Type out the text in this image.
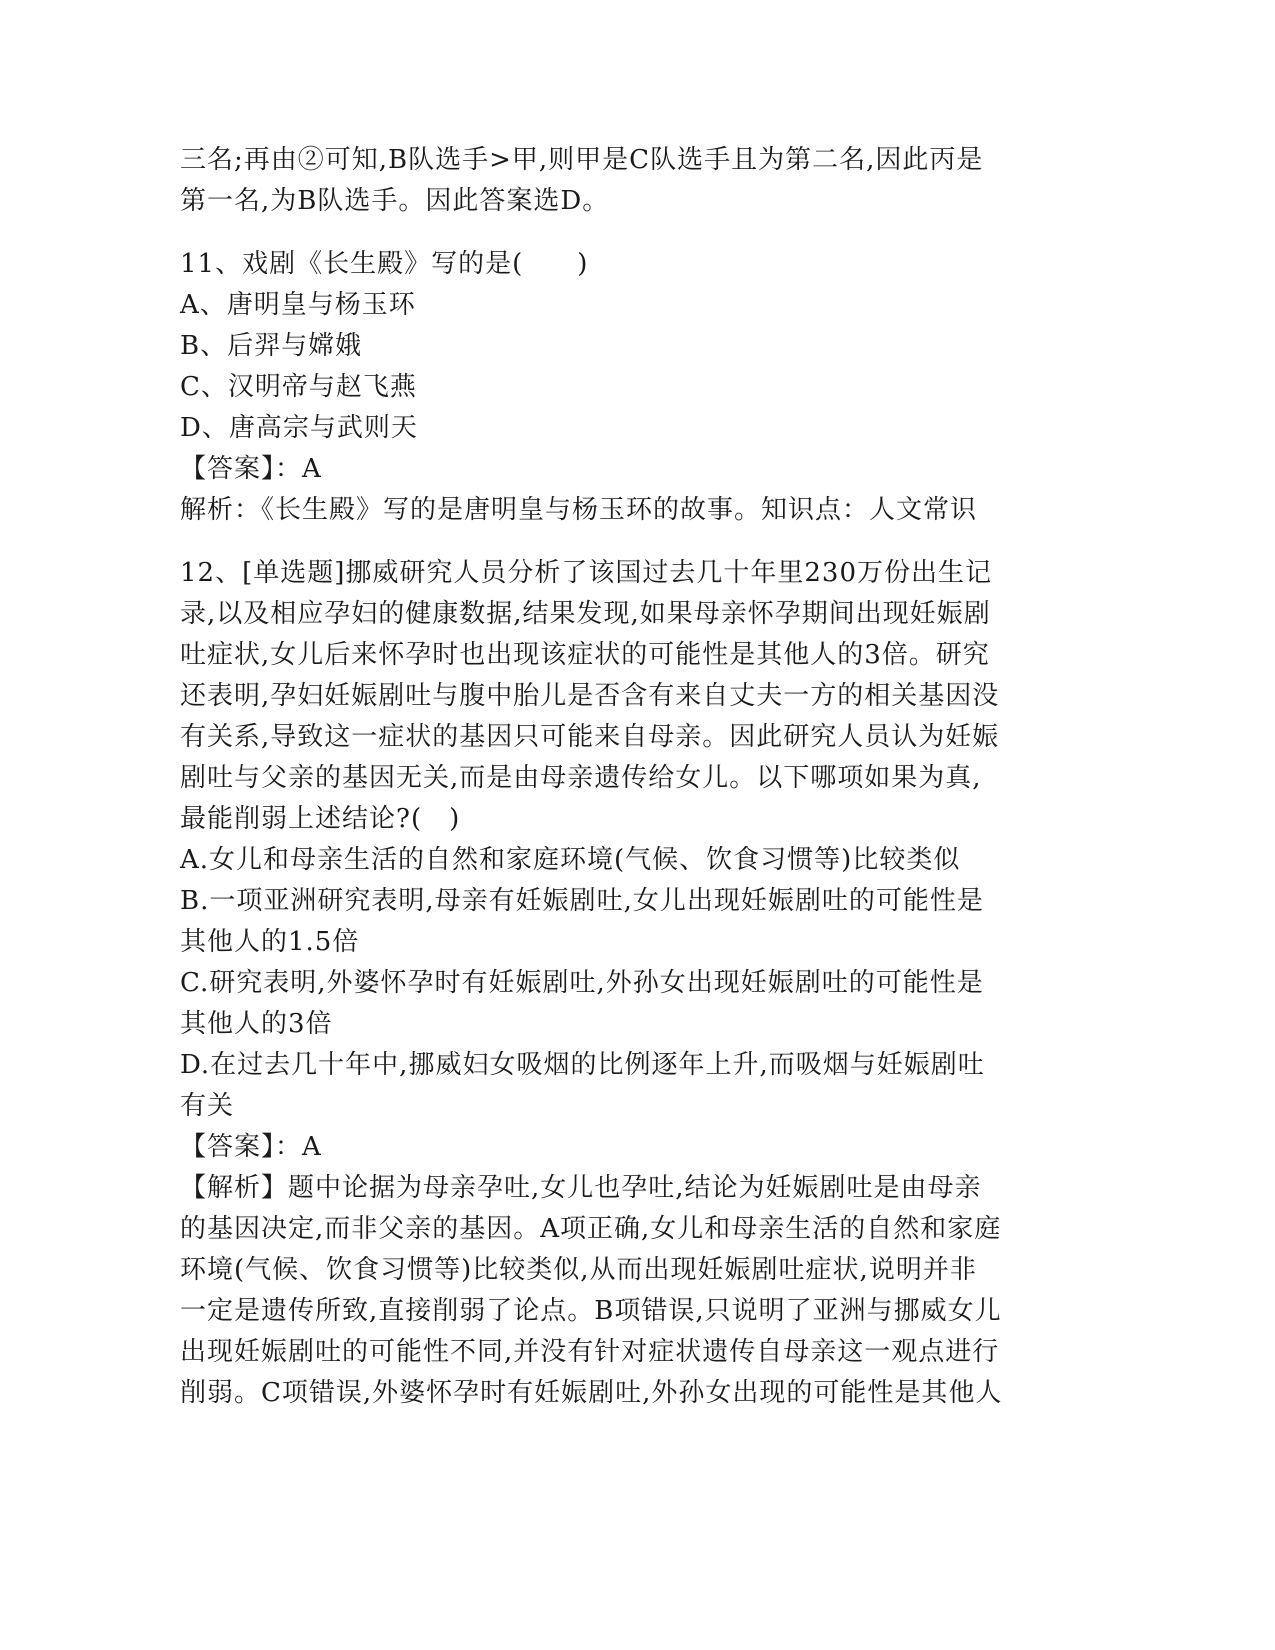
三名;再由②可知,B队选手>甲,则甲是C队选手且为第二名,因此丙是
第一名,为B队选手。因此答案选D。
11、戏剧《长生殿》写的是(　　)
A、唐明皇与杨玉环
B、后羿与嫦娥
C、汉明帝与赵飞燕
D、唐高宗与武则天
【答案】：A
解析：《长生殿》写的是唐明皇与杨玉环的故事。知识点：人文常识
12、[单选题]挪威研究人员分析了该国过去几十年里230万份出生记
录,以及相应孕妇的健康数据,结果发现,如果母亲怀孕期间出现妊娠剧
吐症状,女儿后来怀孕时也出现该症状的可能性是其他人的3倍。研究
还表明,孕妇妊娠剧吐与腹中胎儿是否含有来自丈夫一方的相关基因没
有关系,导致这一症状的基因只可能来自母亲。因此研究人员认为妊娠
剧吐与父亲的基因无关,而是由母亲遗传给女儿。以下哪项如果为真,
最能削弱上述结论?(　)
A.女儿和母亲生活的自然和家庭环境(气候、饮食习惯等)比较类似
B.一项亚洲研究表明,母亲有妊娠剧吐,女儿出现妊娠剧吐的可能性是
其他人的1.5倍
C.研究表明,外婆怀孕时有妊娠剧吐,外孙女出现妊娠剧吐的可能性是
其他人的3倍
D.在过去几十年中,挪威妇女吸烟的比例逐年上升,而吸烟与妊娠剧吐
有关
【答案】：A
【解析】题中论据为母亲孕吐,女儿也孕吐,结论为妊娠剧吐是由母亲
的基因决定,而非父亲的基因。A项正确,女儿和母亲生活的自然和家庭
环境(气候、饮食习惯等)比较类似,从而出现妊娠剧吐症状,说明并非
一定是遗传所致,直接削弱了论点。B项错误,只说明了亚洲与挪威女儿
出现妊娠剧吐的可能性不同,并没有针对症状遗传自母亲这一观点进行
削弱。C项错误,外婆怀孕时有妊娠剧吐,外孙女出现的可能性是其他人
